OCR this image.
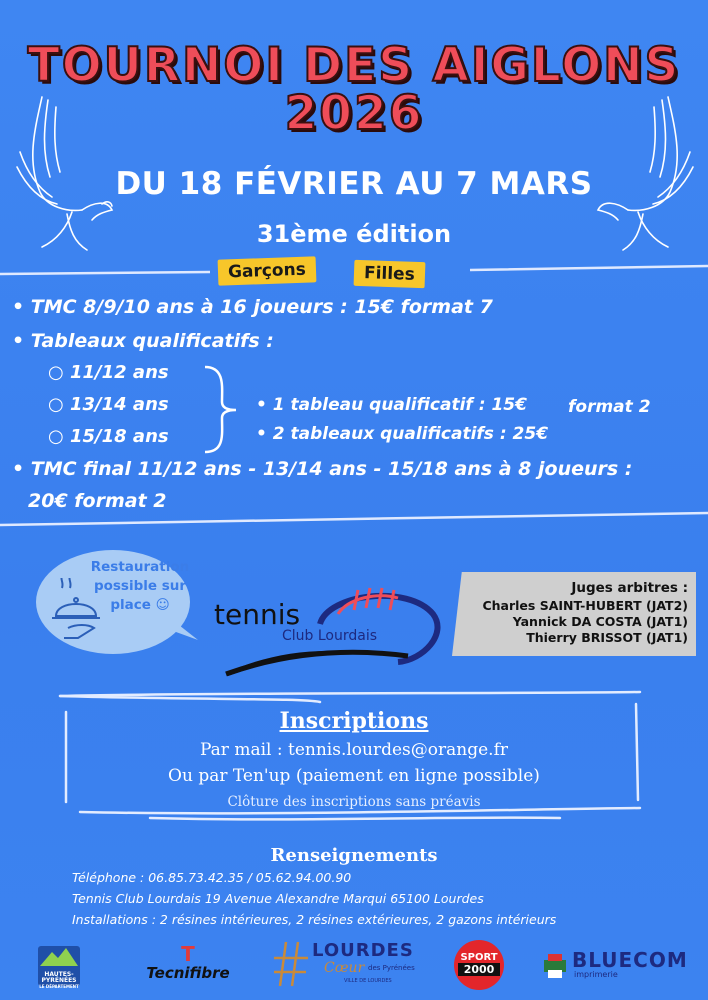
TOURNOI DES AIGLONS
2026
DU 18 FÉVRIER AU 7 MARS
31ème édition
Garçons	Filles
• TMC 8/9/10 ans à 16 joueurs : 15€ format 7
• Tableaux qualificatifs :
○ 11/12 ans
○ 13/14 ans
○ 15/18 ans
• 1 tableau qualificatif : 15€ format 2
• 2 tableaux qualificatifs : 25€
• TMC final 11/12 ans - 13/14 ans - 15/18 ans à 8 joueurs :
20€ format 2
Restauration
possible sur
place ☺	tennis
Club Lourdais
Juges arbitres :
Charles SAINT-HUBERT (JAT2)
Yannick DA COSTA (JAT1)
Thierry BRISSOT (JAT1)
Inscriptions
Par mail : tennis.lourdes@orange.fr
Ou par Ten'up (paiement en ligne possible)
Clôture des inscriptions sans préavis
Renseignements
Téléphone : 06.85.73.42.35 / 05.62.94.00.90
Tennis Club Lourdais 19 Avenue Alexandre Marqui 65100 Lourdes
Installations : 2 résines intérieures, 2 résines extérieures, 2 gazons intérieurs
HAUTES-
PYRÉNÉES
LE DÉPARTEMENT
T
Tecnifibre
LOURDES
Cœur des Pyrénées
VILLE DE LOURDES
SPORT
2000	BLUECOM
imprimerie
